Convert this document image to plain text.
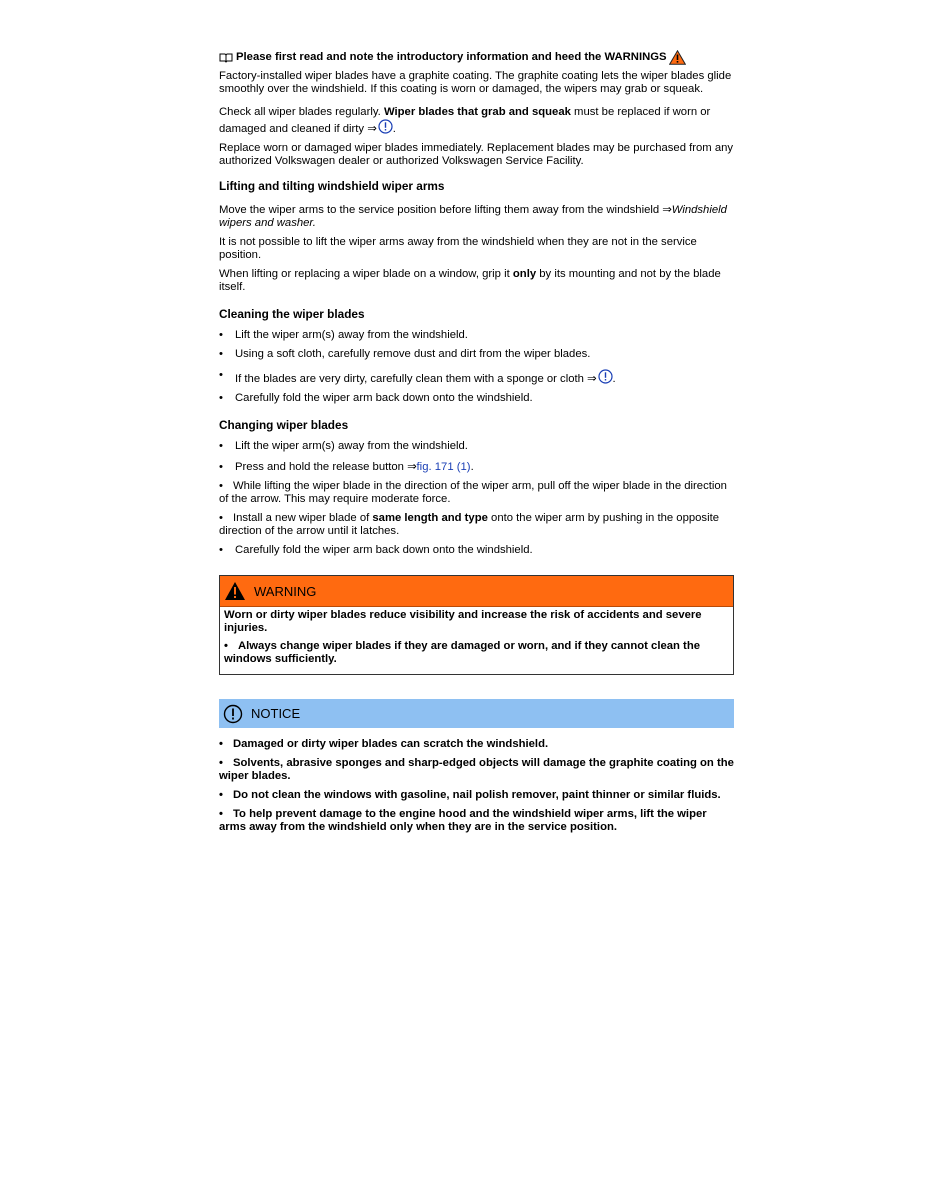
Please first read and note the introductory information and heed the WARNINGS

Factory-installed wiper blades have a graphite coating. The graphite coating lets the wiper blades glide smoothly over the windshield. If this coating is worn or damaged, the wipers may grab or squeak.

Check all wiper blades regularly. Wiper blades that grab and squeak must be replaced if worn or damaged and cleaned if dirty ⇒ .

Replace worn or damaged wiper blades immediately. Replacement blades may be purchased from any authorized Volkswagen dealer or authorized Volkswagen Service Facility.

Lifting and tilting windshield wiper arms

Move the wiper arms to the service position before lifting them away from the windshield ⇒Windshield wipers and washer.

It is not possible to lift the wiper arms away from the windshield when they are not in the service position.

When lifting or replacing a wiper blade on a window, grip it only by its mounting and not by the blade itself.

Cleaning the wiper blades
• Lift the wiper arm(s) away from the windshield.
• Using a soft cloth, carefully remove dust and dirt from the wiper blades.
• If the blades are very dirty, carefully clean them with a sponge or cloth ⇒ .
• Carefully fold the wiper arm back down onto the windshield.
Changing wiper blades
• Lift the wiper arm(s) away from the windshield.
• Press and hold the release button ⇒fig. 171 (1).
• While lifting the wiper blade in the direction of the wiper arm, pull off the wiper blade in the direction of the arrow. This may require moderate force.
• Install a new wiper blade of same length and type onto the wiper arm by pushing in the opposite direction of the arrow until it latches.
• Carefully fold the wiper arm back down onto the windshield.
WARNING

Worn or dirty wiper blades reduce visibility and increase the risk of accidents and severe injuries.

• Always change wiper blades if they are damaged or worn, and if they cannot clean the windows sufficiently.

NOTICE
• Damaged or dirty wiper blades can scratch the windshield.
• Solvents, abrasive sponges and sharp-edged objects will damage the graphite coating on the wiper blades.
• Do not clean the windows with gasoline, nail polish remover, paint thinner or similar fluids.
• To help prevent damage to the engine hood and the windshield wiper arms, lift the wiper arms away from the windshield only when they are in the service position.
